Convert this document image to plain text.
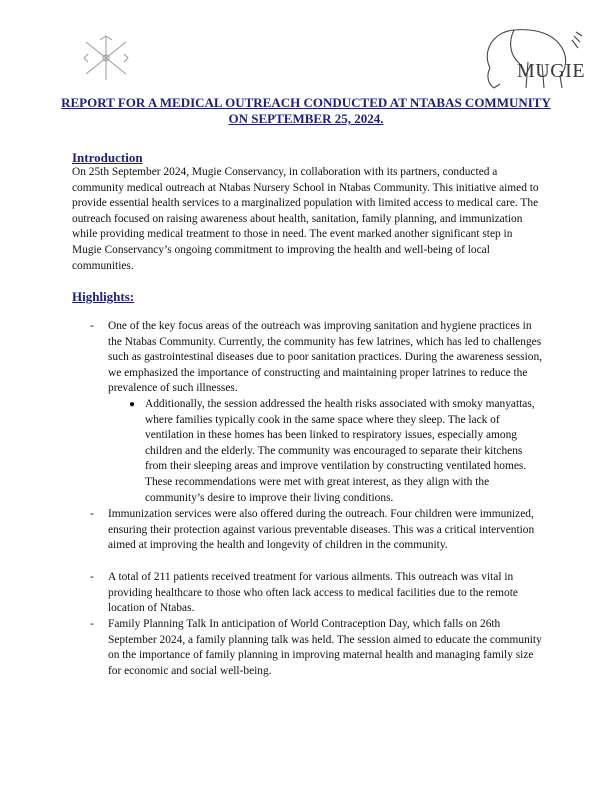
MUGIE
REPORT FOR A MEDICAL OUTREACH CONDUCTED AT NTABAS COMMUNITY ON SEPTEMBER 25, 2024.
Introduction

On 25th September 2024, Mugie Conservancy, in collaboration with its partners, conducted a community medical outreach at Ntabas Nursery School in Ntabas Community. This initiative aimed to provide essential health services to a marginalized population with limited access to medical care. The outreach focused on raising awareness about health, sanitation, family planning, and immunization while providing medical treatment to those in need. The event marked another significant step in Mugie Conservancy’s ongoing commitment to improving the health and well-being of local communities.

Highlights:
- One of the key focus areas of the outreach was improving sanitation and hygiene practices in the Ntabas Community. Currently, the community has few latrines, which has led to challenges such as gastrointestinal diseases due to poor sanitation practices. During the awareness session, we emphasized the importance of constructing and maintaining proper latrines to reduce the prevalence of such illnesses.

● Additionally, the session addressed the health risks associated with smoky manyattas, where families typically cook in the same space where they sleep. The lack of ventilation in these homes has been linked to respiratory issues, especially among children and the elderly. The community was encouraged to separate their kitchens from their sleeping areas and improve ventilation by constructing ventilated homes. These recommendations were met with great interest, as they align with the community’s desire to improve their living conditions.

- Immunization services were also offered during the outreach. Four children were immunized, ensuring their protection against various preventable diseases. This was a critical intervention aimed at improving the health and longevity of children in the community.

- A total of 211 patients received treatment for various ailments. This outreach was vital in providing healthcare to those who often lack access to medical facilities due to the remote location of Ntabas.

- Family Planning Talk In anticipation of World Contraception Day, which falls on 26th September 2024, a family planning talk was held. The session aimed to educate the community on the importance of family planning in improving maternal health and managing family size for economic and social well-being.
